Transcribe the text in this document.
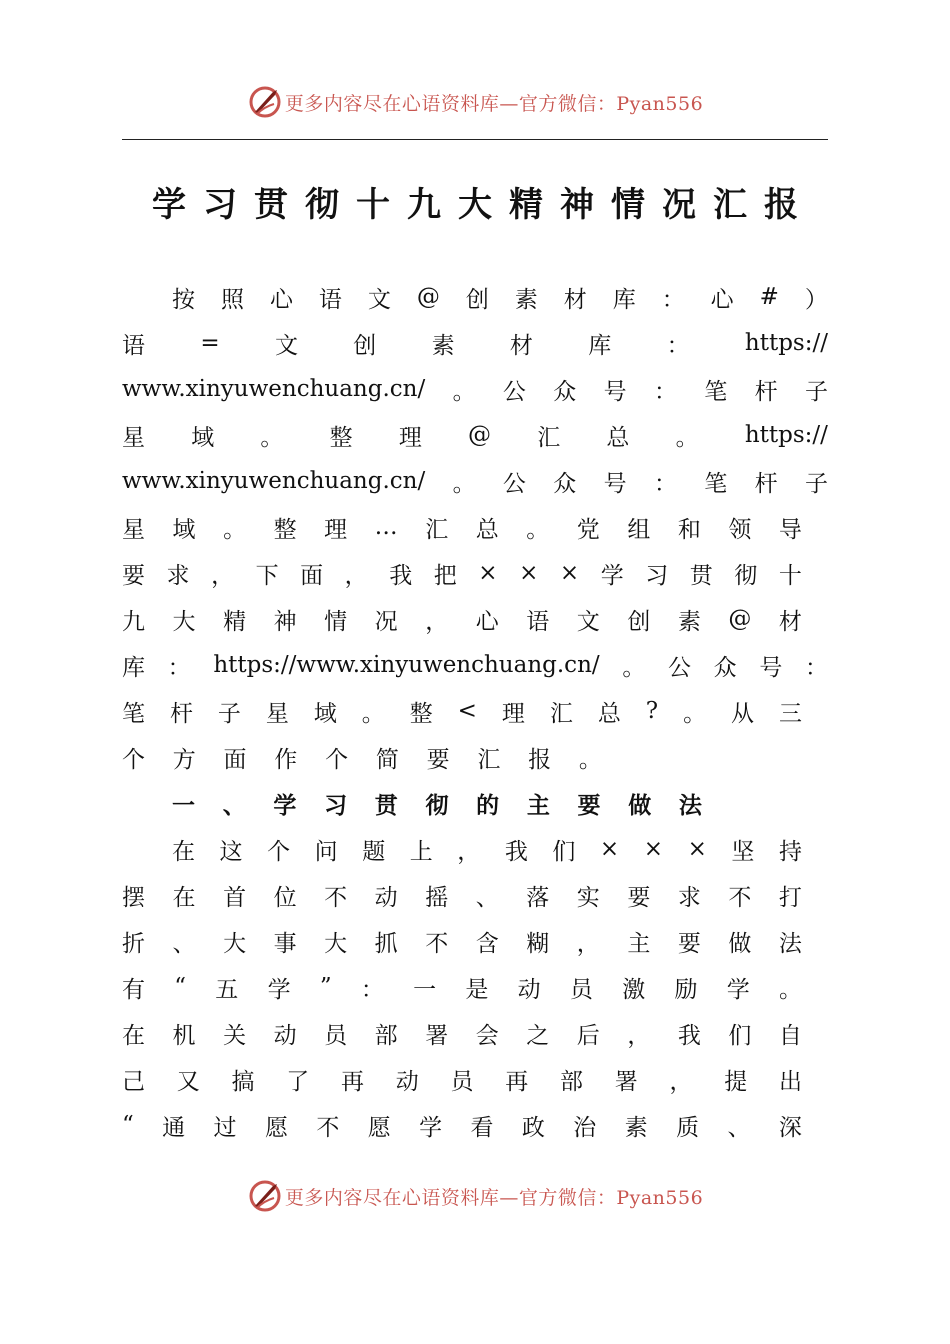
更多内容尽在心语资料库—官方微信：Pyan556
学 习 贯 彻 十 九 大 精 神 情 况 汇 报
按 照 心 语 文 @ 创 素 材 库 ： 心 # ）
语 = 文 创 素 材 库 ： https://
www.xinyuwenchuang.cn/ 。 公 众 号 ： 笔 杆 子
星 域 。 整 理 @ 汇 总 。 https://
www.xinyuwenchuang.cn/ 。 公 众 号 ： 笔 杆 子
星 域 。 整 理 … 汇 总 。 党 组 和 领 导
要 求 ， 下 面 ， 我 把 × × × 学 习 贯 彻 十
九 大 精 神 情 况 ， 心 语 文 创 素 @ 材
库 ： https://www.xinyuwenchuang.cn/ 。 公 众 号 ：
笔 杆 子 星 域 。 整 < 理 汇 总 ? 。 从 三
个 方 面 作 个 简 要 汇 报 。
一 、 学 习 贯 彻 的 主 要 做 法
在 这 个 问 题 上 ， 我 们 × × × 坚 持
摆 在 首 位 不 动 摇 、 落 实 要 求 不 打
折 、 大 事 大 抓 不 含 糊 ， 主 要 做 法
有 “ 五 学 ” ： 一 是 动 员 激 励 学 。
在 机 关 动 员 部 署 会 之 后 ， 我 们 自
己 又 搞 了 再 动 员 再 部 署 ， 提 出
“ 通 过 愿 不 愿 学 看 政 治 素 质 、 深
更多内容尽在心语资料库—官方微信：Pyan556
